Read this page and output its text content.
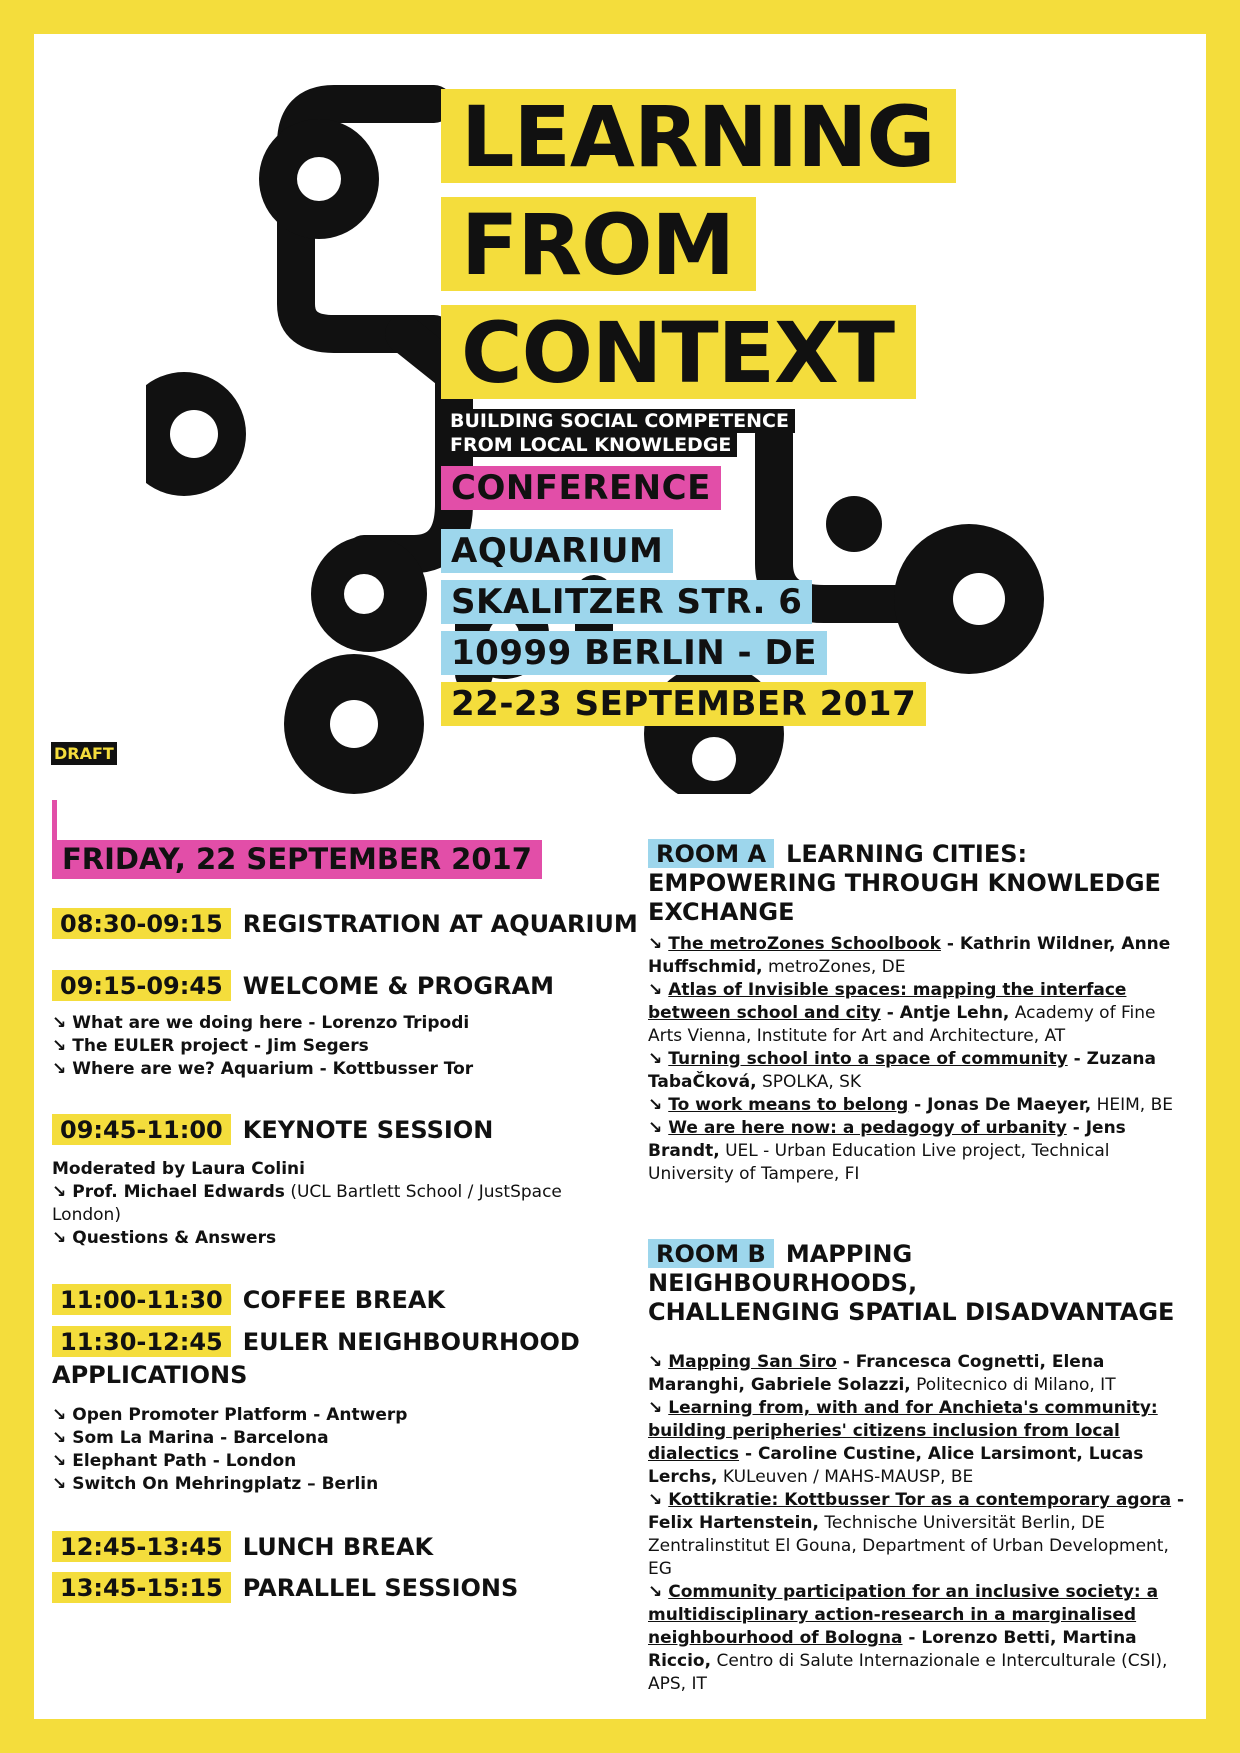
LEARNING
FROM
CONTEXT
BUILDING SOCIAL COMPETENCE
FROM LOCAL KNOWLEDGE
CONFERENCE
AQUARIUM
SKALITZER STR. 6
10999 BERLIN - DE
22-23 SEPTEMBER 2017
DRAFT
FRIDAY, 22 SEPTEMBER 2017
08:30-09:15 REGISTRATION AT AQUARIUM
09:15-09:45 WELCOME & PROGRAM
↘ What are we doing here - Lorenzo Tripodi
↘ The EULER project - Jim Segers
↘ Where are we? Aquarium - Kottbusser Tor
09:45-11:00 KEYNOTE SESSION
Moderated by Laura Colini
↘ Prof. Michael Edwards (UCL Bartlett School / JustSpace
London)
↘ Questions & Answers
11:00-11:30 COFFEE BREAK
11:30-12:45 EULER NEIGHBOURHOOD
APPLICATIONS
↘ Open Promoter Platform - Antwerp
↘ Som La Marina - Barcelona
↘ Elephant Path - London
↘ Switch On Mehringplatz – Berlin
12:45-13:45 LUNCH BREAK
13:45-15:15 PARALLEL SESSIONS
ROOM A LEARNING CITIES:
EMPOWERING THROUGH KNOWLEDGE
EXCHANGE
↘ The metroZones Schoolbook - Kathrin Wildner, Anne Huffschmid, metroZones, DE
↘ Atlas of Invisible spaces: mapping the interface between school and city - Antje Lehn, Academy of Fine Arts Vienna, Institute for Art and Architecture, AT
↘ Turning school into a space of community - Zuzana TabaČková, SPOLKA, SK
↘ To work means to belong - Jonas De Maeyer, HEIM, BE
↘ We are here now: a pedagogy of urbanity - Jens Brandt, UEL - Urban Education Live project, Technical University of Tampere, FI
ROOM B MAPPING NEIGHBOURHOODS,
CHALLENGING SPATIAL DISADVANTAGE
↘ Mapping San Siro - Francesca Cognetti, Elena Maranghi, Gabriele Solazzi, Politecnico di Milano, IT
↘ Learning from, with and for Anchieta's community: building peripheries' citizens inclusion from local dialectics - Caroline Custine, Alice Larsimont, Lucas Lerchs, KULeuven / MAHS-MAUSP, BE
↘ Kottikratie: Kottbusser Tor as a contemporary agora - Felix Hartenstein, Technische Universität Berlin, DE Zentralinstitut El Gouna, Department of Urban Development, EG
↘ Community participation for an inclusive society: a multidisciplinary action-research in a marginalised neighbourhood of Bologna - Lorenzo Betti, Martina Riccio, Centro di Salute Internazionale e Interculturale (CSI), APS, IT
